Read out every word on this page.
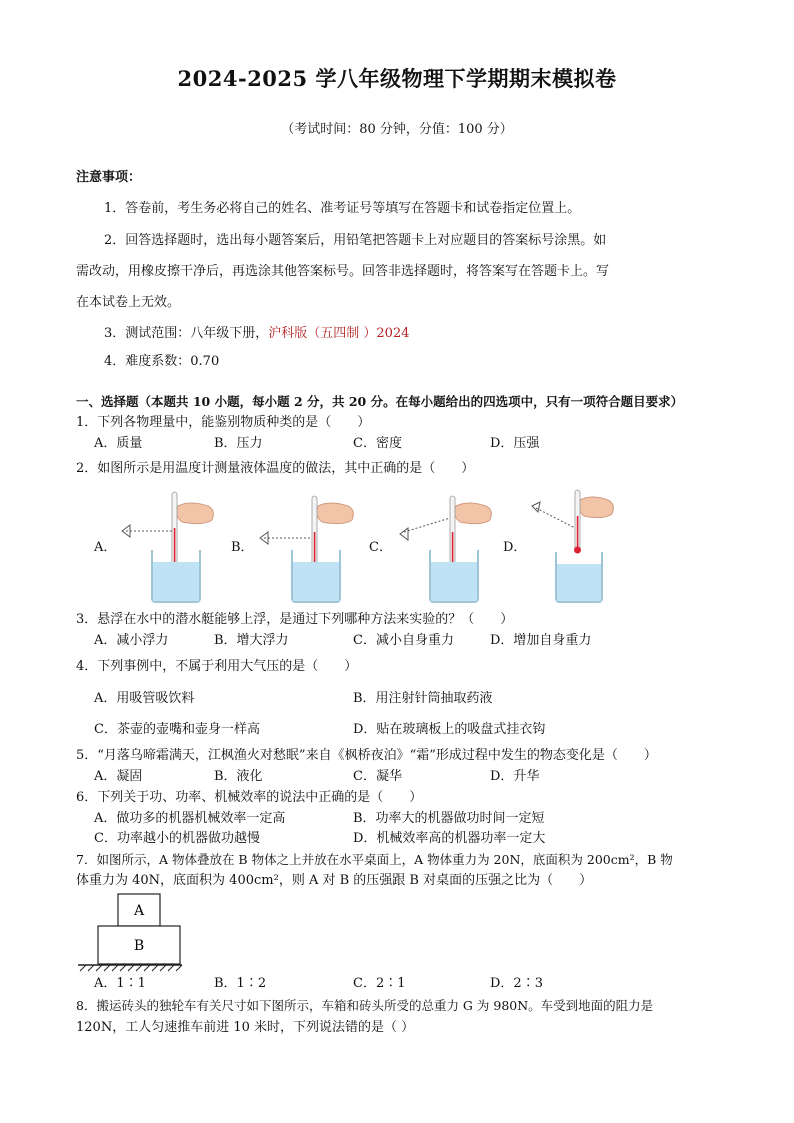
2024-2025 学八年级物理下学期期末模拟卷
（考试时间：80 分钟，分值：100 分）
注意事项：
1．答卷前，考生务必将自己的姓名、准考证号等填写在答题卡和试卷指定位置上。
2．回答选择题时，选出每小题答案后，用铅笔把答题卡上对应题目的答案标号涂黑。如
需改动，用橡皮擦干净后，再选涂其他答案标号。回答非选择题时，将答案写在答题卡上。写
在本试卷上无效。
3．测试范围：八年级下册，沪科版（五四制 ）2024
4．难度系数：0.70
一、选择题（本题共 10 小题，每小题 2 分，共 20 分。在每小题给出的四选项中，只有一项符合题目要求）
1．下列各物理量中，能鉴别物质种类的是（　　）
A．质量	B．压力	C．密度	D．压强
2．如图所示是用温度计测量液体温度的做法，其中正确的是（　　）
A．	B．	C．	D．
3．悬浮在水中的潜水艇能够上浮，是通过下列哪种方法来实验的？（　　）
A．减小浮力	B．增大浮力	C．减小自身重力	D．增加自身重力
4．下列事例中，不属于利用大气压的是（　　）
A．用吸管吸饮料	B．用注射针筒抽取药液
C．茶壶的壶嘴和壶身一样高	D．贴在玻璃板上的吸盘式挂衣钩
5．“月落乌啼霜满天，江枫渔火对愁眠”来自《枫桥夜泊》“霜”形成过程中发生的物态变化是（　　）
A．凝固	B．液化	C．凝华	D．升华
6．下列关于功、功率、机械效率的说法中正确的是（　　）
A．做功多的机器机械效率一定高	B．功率大的机器做功时间一定短
C．功率越小的机器做功越慢	D．机械效率高的机器功率一定大
7．如图所示，A 物体叠放在 B 物体之上并放在水平桌面上，A 物体重力为 20N，底面积为 200cm²，B 物
体重力为 40N，底面积为 400cm²，则 A 对 B 的压强跟 B 对桌面的压强之比为（　　）
A
B
A．1∶1	B．1∶2	C．2∶1	D．2∶3
8．搬运砖头的独轮车有关尺寸如下图所示，车箱和砖头所受的总重力 G 为 980N。车受到地面的阻力是
120N，工人匀速推车前进 10 米时，下列说法错的是（ ）
